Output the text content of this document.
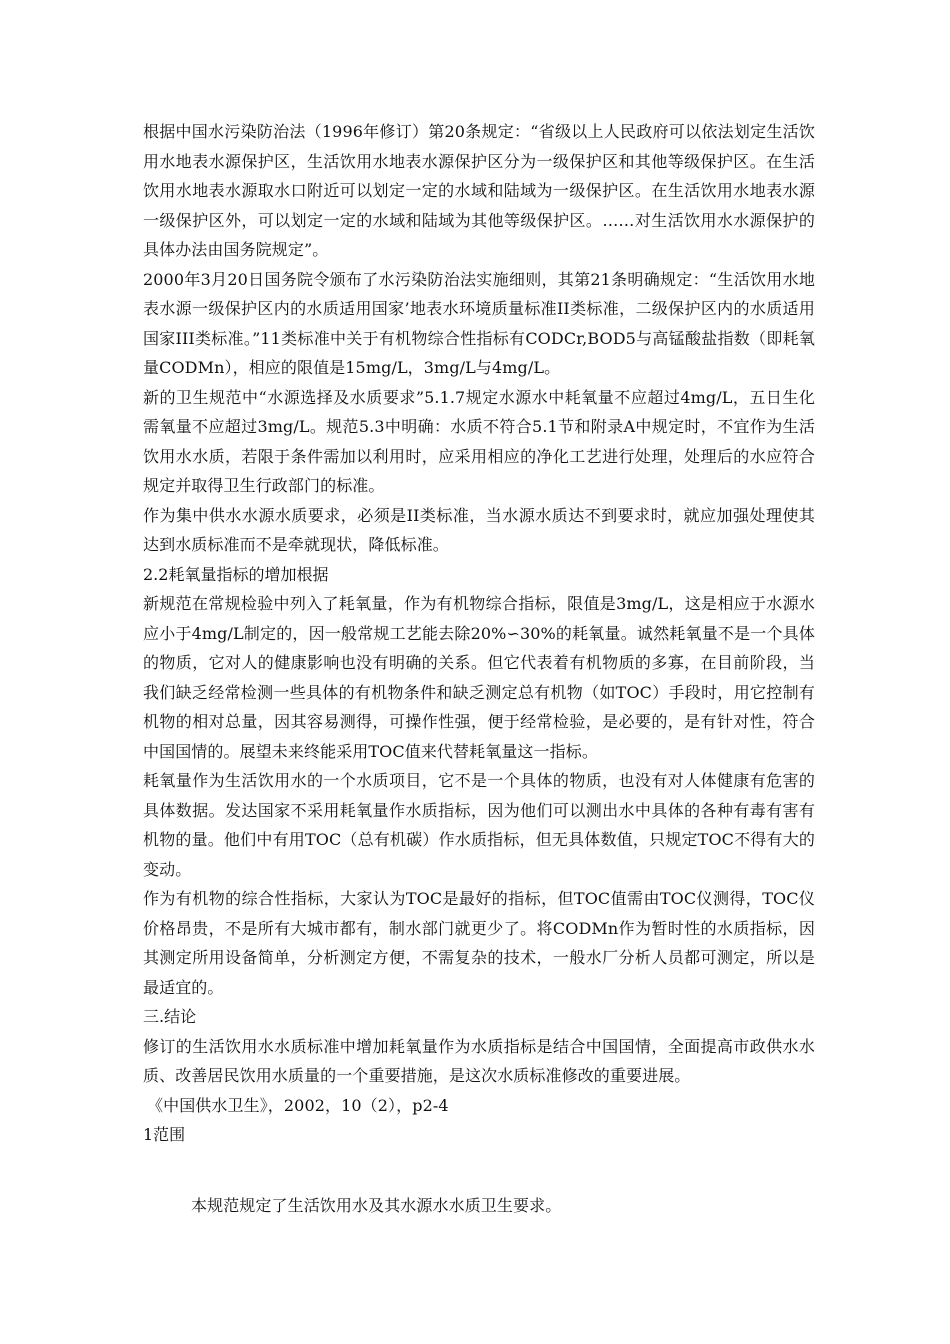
根据中国水污染防治法（1996年修订）第20条规定：“省级以上人民政府可以依法划定生活饮用水地表水源保护区，生活饮用水地表水源保护区分为一级保护区和其他等级保护区。在生活饮用水地表水源取水口附近可以划定一定的水域和陆域为一级保护区。在生活饮用水地表水源一级保护区外，可以划定一定的水域和陆域为其他等级保护区。……对生活饮用水水源保护的具体办法由国务院规定”。

2000年3月20日国务院令颁布了水污染防治法实施细则，其第21条明确规定：“生活饮用水地表水源一级保护区内的水质适用国家’地表水环境质量标准II类标准，二级保护区内的水质适用国家III类标准。”11类标准中关于有机物综合性指标有CODCr,BOD5与高锰酸盐指数（即耗氧量CODMn），相应的限值是15mg/L，3mg/L与4mg/L。

新的卫生规范中“水源选择及水质要求”5.1.7规定水源水中耗氧量不应超过4mg/L，五日生化需氧量不应超过3mg/L。规范5.3中明确：水质不符合5.1节和附录A中规定时，不宜作为生活饮用水水质，若限于条件需加以利用时，应采用相应的净化工艺进行处理，处理后的水应符合规定并取得卫生行政部门的标准。

作为集中供水水源水质要求，必须是II类标准，当水源水质达不到要求时，就应加强处理使其达到水质标准而不是牵就现状，降低标准。

2.2耗氧量指标的增加根据

新规范在常规检验中列入了耗氧量，作为有机物综合指标，限值是3mg/L，这是相应于水源水应小于4mg/L制定的，因一般常规工艺能去除20%∽30%的耗氧量。诚然耗氧量不是一个具体的物质，它对人的健康影响也没有明确的关系。但它代表着有机物质的多寡，在目前阶段，当我们缺乏经常检测一些具体的有机物条件和缺乏测定总有机物（如TOC）手段时，用它控制有机物的相对总量，因其容易测得，可操作性强，便于经常检验，是必要的，是有针对性，符合中国国情的。展望未来终能采用TOC值来代替耗氧量这一指标。

耗氧量作为生活饮用水的一个水质项目，它不是一个具体的物质，也没有对人体健康有危害的具体数据。发达国家不采用耗氧量作水质指标，因为他们可以测出水中具体的各种有毒有害有机物的量。他们中有用TOC（总有机碳）作水质指标，但无具体数值，只规定TOC不得有大的变动。

作为有机物的综合性指标，大家认为TOC是最好的指标，但TOC值需由TOC仪测得，TOC仪价格昂贵，不是所有大城市都有，制水部门就更少了。将CODMn作为暂时性的水质指标，因其测定所用设备简单，分析测定方便，不需复杂的技术，一般水厂分析人员都可测定，所以是最适宜的。

三.结论

修订的生活饮用水水质标准中增加耗氧量作为水质指标是结合中国国情，全面提高市政供水水质、改善居民饮用水质量的一个重要措施，是这次水质标准修改的重要进展。

《中国供水卫生》，2002，10（2），p2-4

1范围

本规范规定了生活饮用水及其水源水水质卫生要求。
